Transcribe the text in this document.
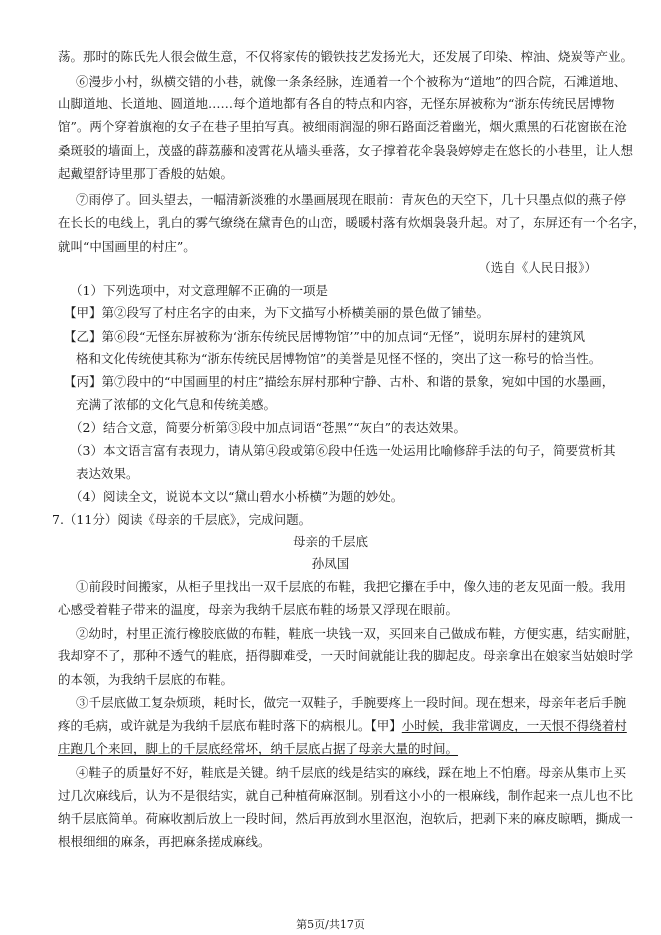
荡。那时的陈氏先人很会做生意，不仅将家传的锻铁技艺发扬光大，还发展了印染、榨油、烧炭等产业。
⑥漫步小村，纵横交错的小巷，就像一条条经脉，连通着一个个被称为“道地”的四合院，石滩道地、
山脚道地、长道地、圆道地……每个道地都有各自的特点和内容，无怪东屏被称为“浙东传统民居博物
馆”。两个穿着旗袍的女子在巷子里拍写真。被细雨润湿的卵石路面泛着幽光，烟火熏黑的石花窗嵌在沧
桑斑驳的墙面上，茂盛的薜荔藤和凌霄花从墙头垂落，女子撑着花伞袅袅婷婷走在悠长的小巷里，让人想
起戴望舒诗里那丁香般的姑娘。
⑦雨停了。回头望去，一幅清新淡雅的水墨画展现在眼前：青灰色的天空下，几十只墨点似的燕子停
在长长的电线上，乳白的雾气缭绕在黛青色的山峦，暖暖村落有炊烟袅袅升起。对了，东屏还有一个名字，
就叫“中国画里的村庄”。
（选自《人民日报》）
（1）下列选项中，对文意理解不正确的一项是
【甲】第②段写了村庄名字的由来，为下文描写小桥横美丽的景色做了铺垫。
【乙】第⑥段“无怪东屏被称为‘浙东传统民居博物馆’”中的加点词“无怪”，说明东屏村的建筑风
格和文化传统使其称为“浙东传统民居博物馆”的美誉是见怪不怪的，突出了这一称号的恰当性。
【丙】第⑦段中的“中国画里的村庄”描绘东屏村那种宁静、古朴、和谐的景象，宛如中国的水墨画，
充满了浓郁的文化气息和传统美感。
（2）结合文意，简要分析第③段中加点词语“苍黑”“灰白”的表达效果。
（3）本文语言富有表现力，请从第④段或第⑥段中任选一处运用比喻修辞手法的句子，简要赏析其
表达效果。
（4）阅读全文，说说本文以“黛山碧水小桥横”为题的妙处。
7.（11分）阅读《母亲的千层底》，完成问题。
母亲的千层底
孙凤国
①前段时间搬家，从柜子里找出一双千层底的布鞋，我把它攥在手中，像久违的老友见面一般。我用
心感受着鞋子带来的温度，母亲为我纳千层底布鞋的场景又浮现在眼前。
②幼时，村里正流行橡胶底做的布鞋，鞋底一块钱一双，买回来自己做成布鞋，方便实惠，结实耐脏，
我却穿不了，那种不透气的鞋底，捂得脚难受，一天时间就能让我的脚起皮。母亲拿出在娘家当姑娘时学
的本领，为我纳千层底的布鞋。
③千层底做工复杂烦琐，耗时长，做完一双鞋子，手腕要疼上一段时间。现在想来，母亲年老后手腕
疼的毛病，或许就是为我纳千层底布鞋时落下的病根儿。【甲】小时候，我非常调皮，一天恨不得绕着村
庄跑几个来回，脚上的千层底经常坏，纳千层底占据了母亲大量的时间。
④鞋子的质量好不好，鞋底是关键。纳千层底的线是结实的麻线，踩在地上不怕磨。母亲从集市上买
过几次麻线后，认为不是很结实，就自己种植荷麻沤制。别看这小小的一根麻线，制作起来一点儿也不比
纳千层底简单。荷麻收割后放上一段时间，然后再放到水里沤泡，泡软后，把剥下来的麻皮晾晒，撕成一
根根细细的麻条，再把麻条搓成麻线。
第5页/共17页
